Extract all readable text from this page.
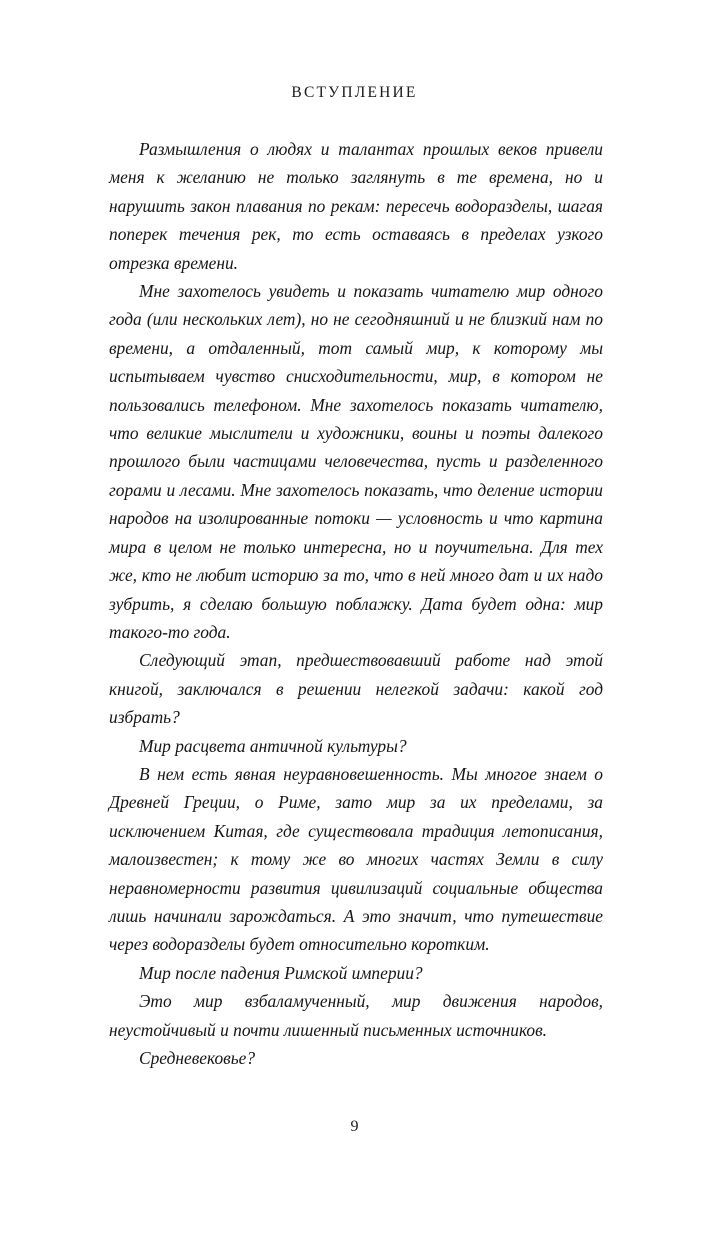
ВСТУПЛЕНИЕ

Размышления о людях и талантах прошлых веков привели меня к желанию не только заглянуть в те времена, но и нарушить закон плавания по рекам: пересечь водоразделы, шагая поперек течения рек, то есть оставаясь в пределах узкого отрезка времени.

Мне захотелось увидеть и показать читателю мир одного года (или нескольких лет), но не сегодняшний и не близкий нам по времени, а отдаленный, тот самый мир, к которому мы испытываем чувство снисходительности, мир, в котором не пользовались телефоном. Мне захотелось показать читателю, что великие мыслители и художники, воины и поэты далекого прошлого были частицами человечества, пусть и разделенного горами и лесами. Мне захотелось показать, что деление истории народов на изолированные потоки — условность и что картина мира в целом не только интересна, но и поучительна. Для тех же, кто не любит историю за то, что в ней много дат и их надо зубрить, я сделаю большую поблажку. Дата будет одна: мир такого-то года.

Следующий этап, предшествовавший работе над этой книгой, заключался в решении нелегкой задачи: какой год избрать?

Мир расцвета античной культуры?

В нем есть явная неуравновешенность. Мы многое знаем о Древней Греции, о Риме, зато мир за их пределами, за исключением Китая, где существовала традиция летописания, малоизвестен; к тому же во многих частях Земли в силу неравномерности развития цивилизаций социальные общества лишь начинали зарождаться. А это значит, что путешествие через водоразделы будет относительно коротким.

Мир после падения Римской империи?

Это мир взбаламученный, мир движения народов, неустойчивый и почти лишенный письменных источников.

Средневековье?

9
